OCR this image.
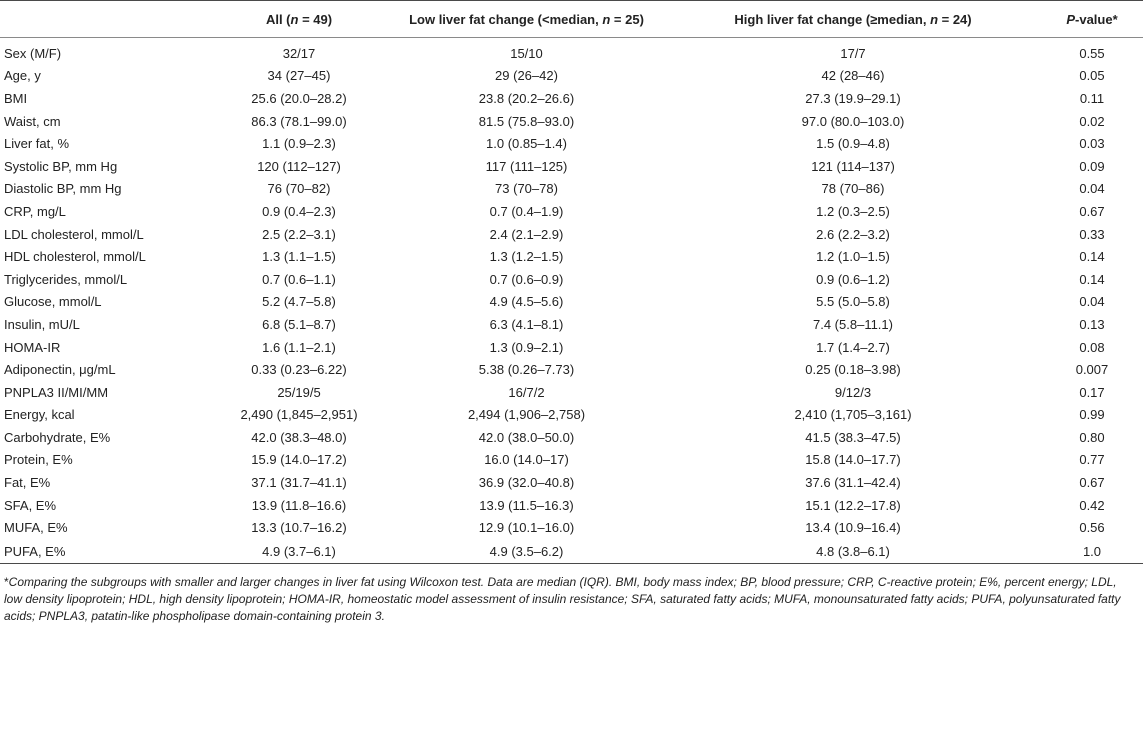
	All (n = 49)	Low liver fat change (<median, n = 25)	High liver fat change (≥median, n = 24)	P-value*
Sex (M/F)	32/17	15/10	17/7	0.55
Age, y	34 (27–45)	29 (26–42)	42 (28–46)	0.05
BMI	25.6 (20.0–28.2)	23.8 (20.2–26.6)	27.3 (19.9–29.1)	0.11
Waist, cm	86.3 (78.1–99.0)	81.5 (75.8–93.0)	97.0 (80.0–103.0)	0.02
Liver fat, %	1.1 (0.9–2.3)	1.0 (0.85–1.4)	1.5 (0.9–4.8)	0.03
Systolic BP, mm Hg	120 (112–127)	117 (111–125)	121 (114–137)	0.09
Diastolic BP, mm Hg	76 (70–82)	73 (70–78)	78 (70–86)	0.04
CRP, mg/L	0.9 (0.4–2.3)	0.7 (0.4–1.9)	1.2 (0.3–2.5)	0.67
LDL cholesterol, mmol/L	2.5 (2.2–3.1)	2.4 (2.1–2.9)	2.6 (2.2–3.2)	0.33
HDL cholesterol, mmol/L	1.3 (1.1–1.5)	1.3 (1.2–1.5)	1.2 (1.0–1.5)	0.14
Triglycerides, mmol/L	0.7 (0.6–1.1)	0.7 (0.6–0.9)	0.9 (0.6–1.2)	0.14
Glucose, mmol/L	5.2 (4.7–5.8)	4.9 (4.5–5.6)	5.5 (5.0–5.8)	0.04
Insulin, mU/L	6.8 (5.1–8.7)	6.3 (4.1–8.1)	7.4 (5.8–11.1)	0.13
HOMA-IR	1.6 (1.1–2.1)	1.3 (0.9–2.1)	1.7 (1.4–2.7)	0.08
Adiponectin, μg/mL	0.33 (0.23–6.22)	5.38 (0.26–7.73)	0.25 (0.18–3.98)	0.007
PNPLA3 II/MI/MM	25/19/5	16/7/2	9/12/3	0.17
Energy, kcal	2,490 (1,845–2,951)	2,494 (1,906–2,758)	2,410 (1,705–3,161)	0.99
Carbohydrate, E%	42.0 (38.3–48.0)	42.0 (38.0–50.0)	41.5 (38.3–47.5)	0.80
Protein, E%	15.9 (14.0–17.2)	16.0 (14.0–17)	15.8 (14.0–17.7)	0.77
Fat, E%	37.1 (31.7–41.1)	36.9 (32.0–40.8)	37.6 (31.1–42.4)	0.67
SFA, E%	13.9 (11.8–16.6)	13.9 (11.5–16.3)	15.1 (12.2–17.8)	0.42
MUFA, E%	13.3 (10.7–16.2)	12.9 (10.1–16.0)	13.4 (10.9–16.4)	0.56
PUFA, E%	4.9 (3.7–6.1)	4.9 (3.5–6.2)	4.8 (3.8–6.1)	1.0
*Comparing the subgroups with smaller and larger changes in liver fat using Wilcoxon test. Data are median (IQR). BMI, body mass index; BP, blood pressure; CRP, C-reactive protein; E%, percent energy; LDL, low density lipoprotein; HDL, high density lipoprotein; HOMA-IR, homeostatic model assessment of insulin resistance; SFA, saturated fatty acids; MUFA, monounsaturated fatty acids; PUFA, polyunsaturated fatty acids; PNPLA3, patatin-like phospholipase domain-containing protein 3.
